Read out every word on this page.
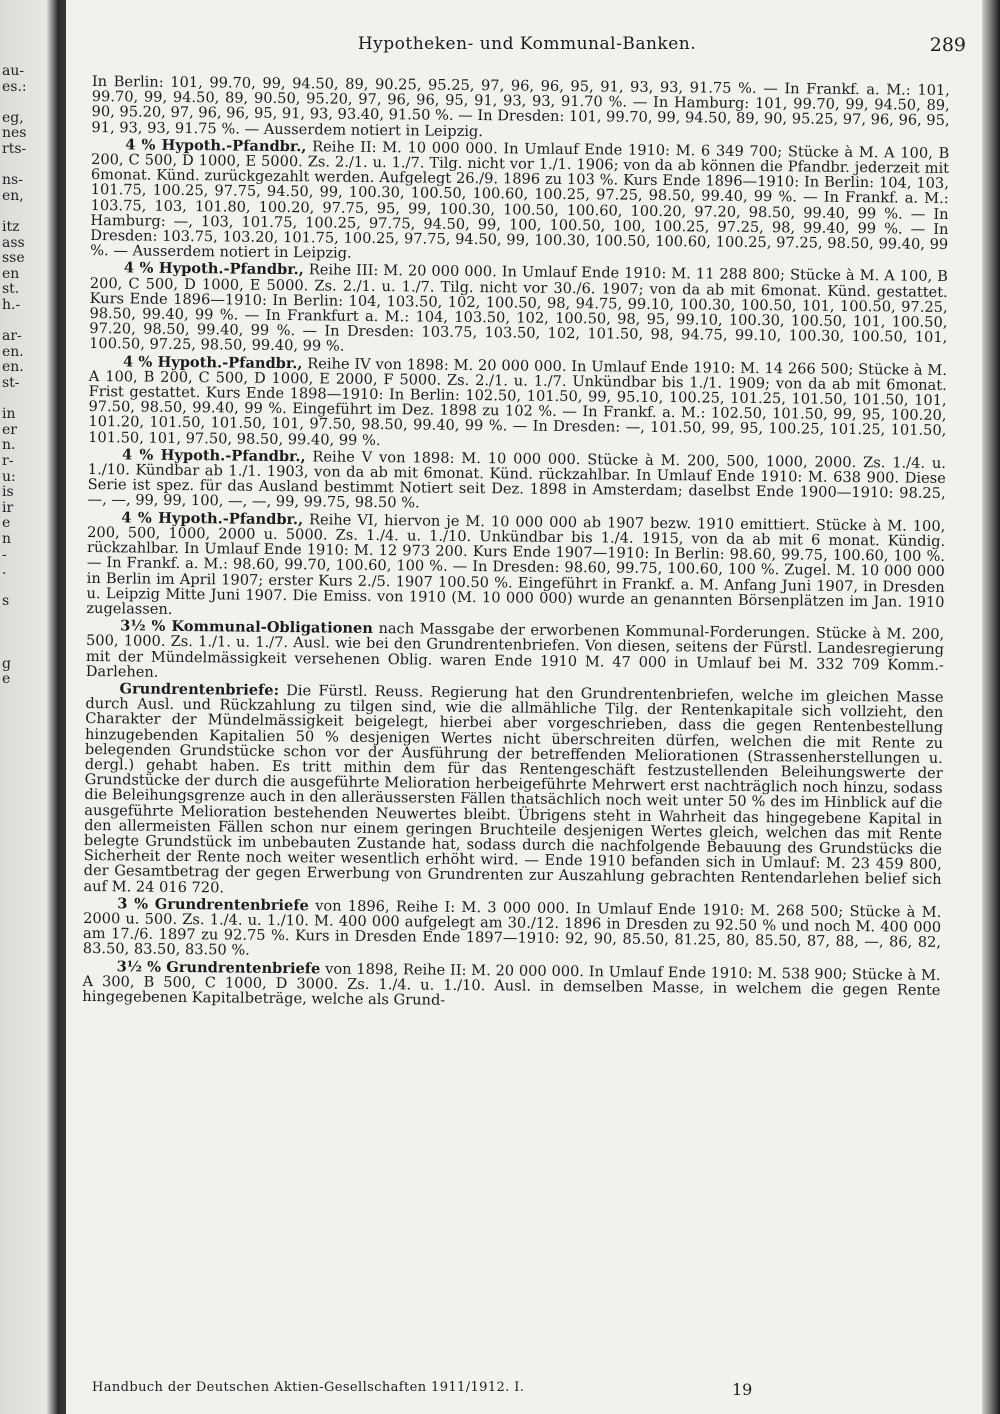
au-
es.:
eg,
nes
rts-
ns-
en,
itz
ass
sse
en
st.
h.-
ar-
en.
en.
st-
in
er
n.
r-
u:
is
ir
e
n
-
.
s
g
e
Hypotheken- und Kommunal-Banken.	289

In Berlin: 101, 99.70, 99, 94.50, 89, 90.25, 95.25, 97, 96, 96, 95, 91, 93, 93, 91.75 %. — In Frankf. a. M.: 101, 99.70, 99, 94.50, 89, 90.50, 95.20, 97, 96, 96, 95, 91, 93, 93, 91.70 %. — In Hamburg: 101, 99.70, 99, 94.50, 89, 90, 95.20, 97, 96, 96, 95, 91, 93, 93.40, 91.50 %. — In Dresden: 101, 99.70, 99, 94.50, 89, 90, 95.25, 97, 96, 96, 95, 91, 93, 93, 91.75 %. — Ausserdem notiert in Leipzig.

4 % Hypoth.-Pfandbr., Reihe II: M. 10 000 000. In Umlauf Ende 1910: M. 6 349 700; Stücke à M. A 100, B 200, C 500, D 1000, E 5000. Zs. 2./1. u. 1./7. Tilg. nicht vor 1./1. 1906; von da ab können die Pfandbr. jederzeit mit 6monat. Künd. zurückgezahlt werden. Aufgelegt 26./9. 1896 zu 103 %. Kurs Ende 1896—1910: In Berlin: 104, 103, 101.75, 100.25, 97.75, 94.50, 99, 100.30, 100.50, 100.60, 100.25, 97.25, 98.50, 99.40, 99 %. — In Frankf. a. M.: 103.75, 103, 101.80, 100.20, 97.75, 95, 99, 100.30, 100.50, 100.60, 100.20, 97.20, 98.50, 99.40, 99 %. — In Hamburg: —, 103, 101.75, 100.25, 97.75, 94.50, 99, 100, 100.50, 100, 100.25, 97.25, 98, 99.40, 99 %. — In Dresden: 103.75, 103.20, 101.75, 100.25, 97.75, 94.50, 99, 100.30, 100.50, 100.60, 100.25, 97.25, 98.50, 99.40, 99 %. — Ausserdem notiert in Leipzig.

4 % Hypoth.-Pfandbr., Reihe III: M. 20 000 000. In Umlauf Ende 1910: M. 11 288 800; Stücke à M. A 100, B 200, C 500, D 1000, E 5000. Zs. 2./1. u. 1./7. Tilg. nicht vor 30./6. 1907; von da ab mit 6monat. Künd. gestattet. Kurs Ende 1896—1910: In Berlin: 104, 103.50, 102, 100.50, 98, 94.75, 99.10, 100.30, 100.50, 101, 100.50, 97.25, 98.50, 99.40, 99 %. — In Frankfurt a. M.: 104, 103.50, 102, 100.50, 98, 95, 99.10, 100.30, 100.50, 101, 100.50, 97.20, 98.50, 99.40, 99 %. — In Dresden: 103.75, 103.50, 102, 101.50, 98, 94.75, 99.10, 100.30, 100.50, 101, 100.50, 97.25, 98.50, 99.40, 99 %.

4 % Hypoth.-Pfandbr., Reihe IV von 1898: M. 20 000 000. In Umlauf Ende 1910: M. 14 266 500; Stücke à M. A 100, B 200, C 500, D 1000, E 2000, F 5000. Zs. 2./1. u. 1./7. Unkündbar bis 1./1. 1909; von da ab mit 6monat. Frist gestattet. Kurs Ende 1898—1910: In Berlin: 102.50, 101.50, 99, 95.10, 100.25, 101.25, 101.50, 101.50, 101, 97.50, 98.50, 99.40, 99 %. Eingeführt im Dez. 1898 zu 102 %. — In Frankf. a. M.: 102.50, 101.50, 99, 95, 100.20, 101.20, 101.50, 101.50, 101, 97.50, 98.50, 99.40, 99 %. — In Dresden: —, 101.50, 99, 95, 100.25, 101.25, 101.50, 101.50, 101, 97.50, 98.50, 99.40, 99 %.

4 % Hypoth.-Pfandbr., Reihe V von 1898: M. 10 000 000. Stücke à M. 200, 500, 1000, 2000. Zs. 1./4. u. 1./10. Kündbar ab 1./1. 1903, von da ab mit 6monat. Künd. rückzahlbar. In Umlauf Ende 1910: M. 638 900. Diese Serie ist spez. für das Ausland bestimmt Notiert seit Dez. 1898 in Amsterdam; daselbst Ende 1900—1910: 98.25, —, —, 99, 99, 100, —, —, 99, 99.75, 98.50 %.

4 % Hypoth.-Pfandbr., Reihe VI, hiervon je M. 10 000 000 ab 1907 bezw. 1910 emittiert. Stücke à M. 100, 200, 500, 1000, 2000 u. 5000. Zs. 1./4. u. 1./10. Unkündbar bis 1./4. 1915, von da ab mit 6 monat. Kündig. rückzahlbar. In Umlauf Ende 1910: M. 12 973 200. Kurs Ende 1907—1910: In Berlin: 98.60, 99.75, 100.60, 100 %. — In Frankf. a. M.: 98.60, 99.70, 100.60, 100 %. — In Dresden: 98.60, 99.75, 100.60, 100 %. Zugel. M. 10 000 000 in Berlin im April 1907; erster Kurs 2./5. 1907 100.50 %. Eingeführt in Frankf. a. M. Anfang Juni 1907, in Dresden u. Leipzig Mitte Juni 1907. Die Emiss. von 1910 (M. 10 000 000) wurde an genannten Börsenplätzen im Jan. 1910 zugelassen.

3½ % Kommunal-Obligationen nach Massgabe der erworbenen Kommunal-Forderungen. Stücke à M. 200, 500, 1000. Zs. 1./1. u. 1./7. Ausl. wie bei den Grundrentenbriefen. Von diesen, seitens der Fürstl. Landesregierung mit der Mündelmässigkeit versehenen Oblig. waren Ende 1910 M. 47 000 in Umlauf bei M. 332 709 Komm.-Darlehen.

Grundrentenbriefe: Die Fürstl. Reuss. Regierung hat den Grundrentenbriefen, welche im gleichen Masse durch Ausl. und Rückzahlung zu tilgen sind, wie die allmähliche Tilg. der Rentenkapitale sich vollzieht, den Charakter der Mündelmässigkeit beigelegt, hierbei aber vorgeschrieben, dass die gegen Rentenbestellung hinzugebenden Kapitalien 50 % desjenigen Wertes nicht überschreiten dürfen, welchen die mit Rente zu belegenden Grundstücke schon vor der Ausführung der betreffenden Meliorationen (Strassenherstellungen u. dergl.) gehabt haben. Es tritt mithin dem für das Rentengeschäft festzustellenden Beleihungswerte der Grundstücke der durch die ausgeführte Melioration herbeigeführte Mehrwert erst nachträglich noch hinzu, sodass die Beleihungsgrenze auch in den alleräussersten Fällen thatsächlich noch weit unter 50 % des im Hinblick auf die ausgeführte Melioration bestehenden Neuwertes bleibt. Übrigens steht in Wahrheit das hingegebene Kapital in den allermeisten Fällen schon nur einem geringen Bruchteile desjenigen Wertes gleich, welchen das mit Rente belegte Grundstück im unbebauten Zustande hat, sodass durch die nachfolgende Bebauung des Grundstücks die Sicherheit der Rente noch weiter wesentlich erhöht wird. — Ende 1910 befanden sich in Umlauf: M. 23 459 800, der Gesamtbetrag der gegen Erwerbung von Grundrenten zur Auszahlung gebrachten Rentendarlehen belief sich auf M. 24 016 720.

3 % Grundrentenbriefe von 1896, Reihe I: M. 3 000 000. In Umlauf Ende 1910: M. 268 500; Stücke à M. 2000 u. 500. Zs. 1./4. u. 1./10. M. 400 000 aufgelegt am 30./12. 1896 in Dresden zu 92.50 % und noch M. 400 000 am 17./6. 1897 zu 92.75 %. Kurs in Dresden Ende 1897—1910: 92, 90, 85.50, 81.25, 80, 85.50, 87, 88, —, 86, 82, 83.50, 83.50, 83.50 %.

3½ % Grundrentenbriefe von 1898, Reihe II: M. 20 000 000. In Umlauf Ende 1910: M. 538 900; Stücke à M. A 300, B 500, C 1000, D 3000. Zs. 1./4. u. 1./10. Ausl. in demselben Masse, in welchem die gegen Rente hingegebenen Kapitalbeträge, welche als Grund-

Handbuch der Deutschen Aktien-Gesellschaften 1911/1912. I.	19
